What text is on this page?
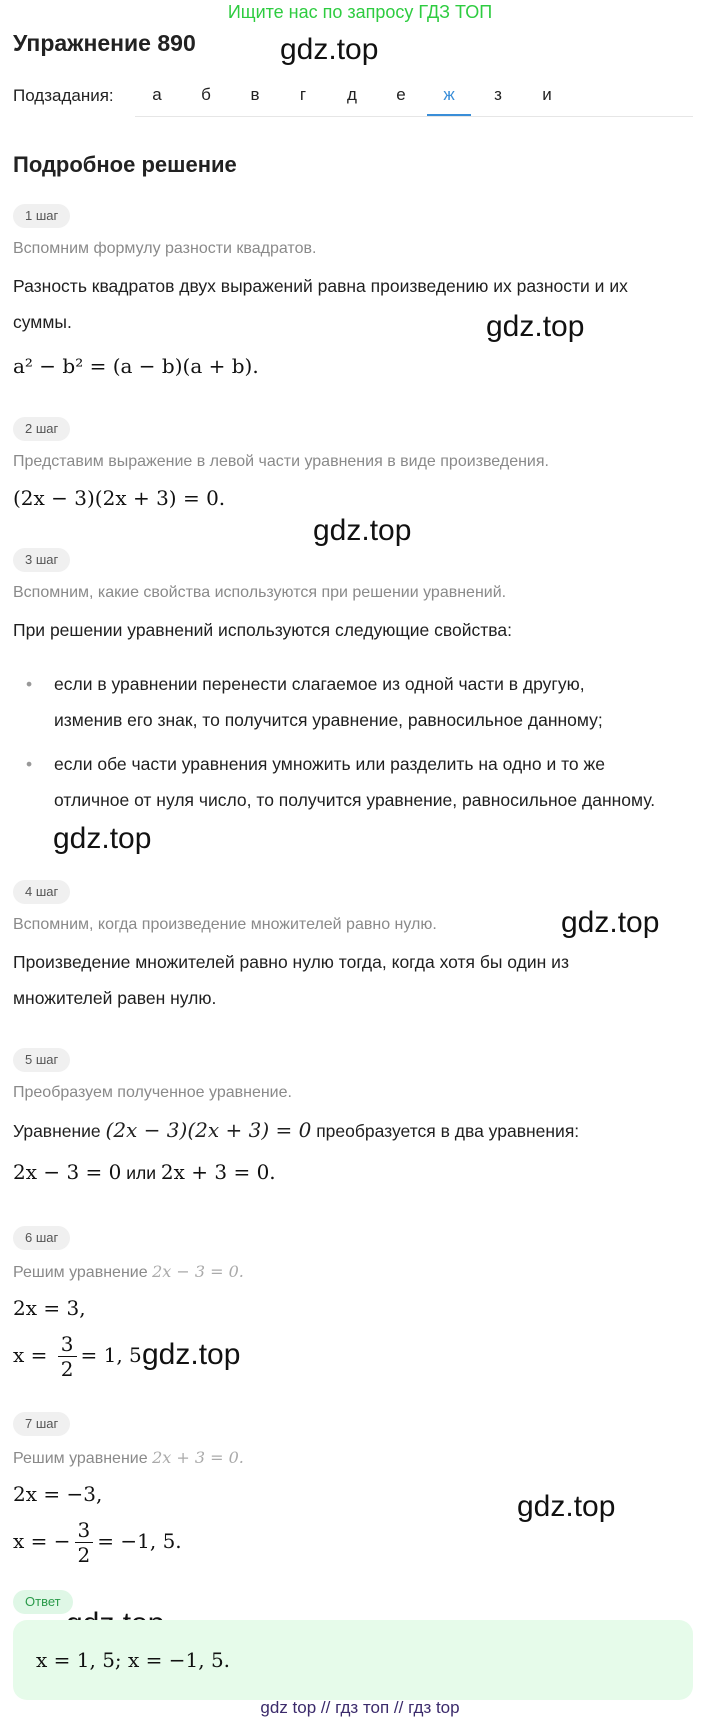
Ищите нас по запросу ГДЗ ТОП
Упражнение 890	gdz.top
gdz.top
gdz.top
gdz.top
gdz.top
gdz.top
gdz.top
Подзадания:	а	б	в	г	д	е	ж	з	и
Подробное решение
1 шаг
Вспомним формулу разности квадратов.
Разность квадратов двух выражений равна произведению их разности и их
суммы.
a² − b² = (a − b)(a + b).
2 шаг
Представим выражение в левой части уравнения в виде произведения.
(2x − 3)(2x + 3) = 0.
3 шаг
Вспомним, какие свойства используются при решении уравнений.
При решении уравнений используются следующие свойства:
• если в уравнении перенести слагаемое из одной части в другую,
изменив его знак, то получится уравнение, равносильное данному;
• если обе части уравнения умножить или разделить на одно и то же
отличное от нуля число, то получится уравнение, равносильное данному.
4 шаг
Вспомним, когда произведение множителей равно нулю.
Произведение множителей равно нулю тогда, когда хотя бы один из
множителей равен нулю.
5 шаг
Преобразуем полученное уравнение.
Уравнение (2x − 3)(2x + 3) = 0 преобразуется в два уравнения:
2x − 3 = 0 или 2x + 3 = 0.
6 шаг
Решим уравнение 2x − 3 = 0.
2x = 3,
$x = \frac{3}{2} = 1$, 5.
7 шаг
Решим уравнение 2x + 3 = 0.
2x = −3,
x = − $\frac{3}{2} = -1$, 5.
Ответ
x = 1, 5; x = −1, 5.
gdz top // гдз топ // гдз top
